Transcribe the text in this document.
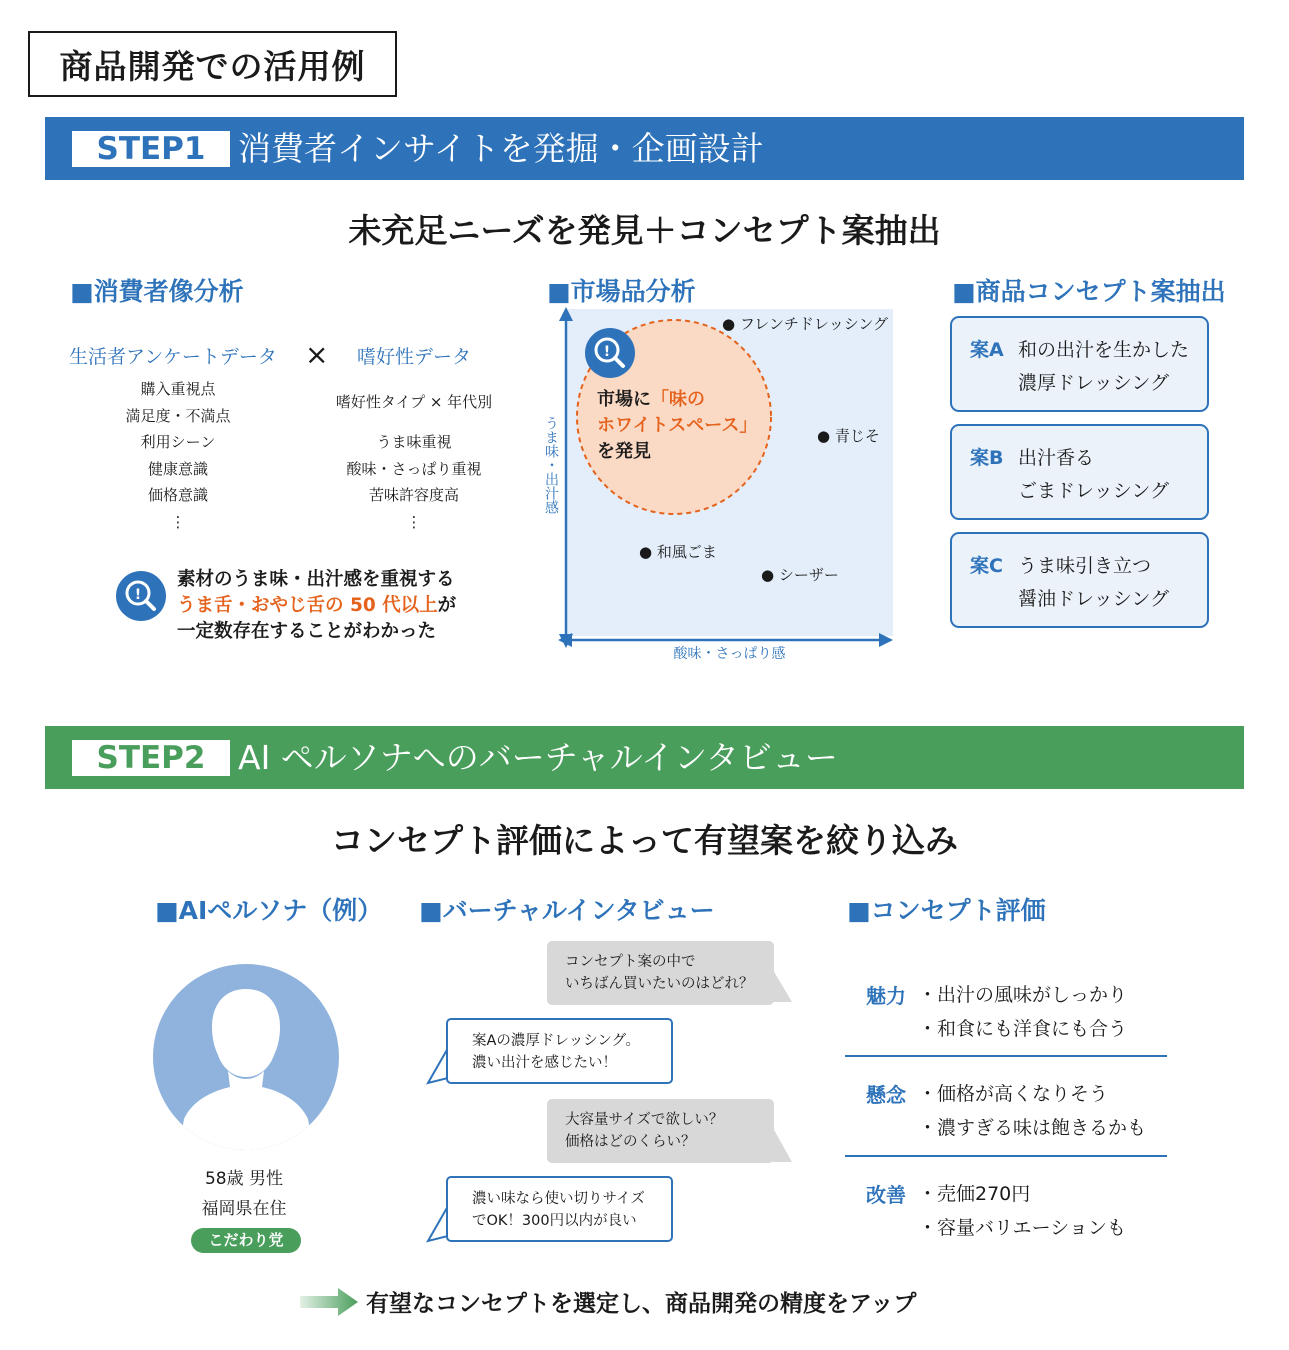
商品開発での活用例
STEP1 消費者インサイトを発掘・企画設計
未充足ニーズを発見＋コンセプト案抽出
■消費者像分析
生活者アンケートデータ × 嗜好性データ
購入重視点
満足度・不満点
利用シーン
健康意識
価格意識
⋮
嗜好性タイプ × 年代別
うま味重視
酸味・さっぱり重視
苦味許容度高
⋮
!
素材のうま味・出汁感を重視する
うま舌・おやじ舌の 50 代以上が
一定数存在することがわかった
■市場品分析
!
市場に「味の
ホワイトスペース」
を発見
● フレンチドレッシング
● 青じそ
● 和風ごま
● シーザー
うま味・出汁感
酸味・さっぱり感
■商品コンセプト案抽出
案A 和の出汁を生かした
濃厚ドレッシング
案B 出汁香る
ごまドレッシング
案C うま味引き立つ
醤油ドレッシング
STEP2 AI ペルソナへのバーチャルインタビュー
コンセプト評価によって有望案を絞り込み
■AIペルソナ（例）
58歳 男性
福岡県在住
こだわり党
■バーチャルインタビュー
コンセプト案の中で
いちばん買いたいのはどれ？
案Aの濃厚ドレッシング。
濃い出汁を感じたい！
大容量サイズで欲しい？
価格はどのくらい？
濃い味なら使い切りサイズ
でOK！300円以内が良い
■コンセプト評価
魅力 ・出汁の風味がしっかり
・和食にも洋食にも合う
懸念 ・価格が高くなりそう
・濃すぎる味は飽きるかも
改善 ・売価270円
・容量バリエーションも
有望なコンセプトを選定し、商品開発の精度をアップ
